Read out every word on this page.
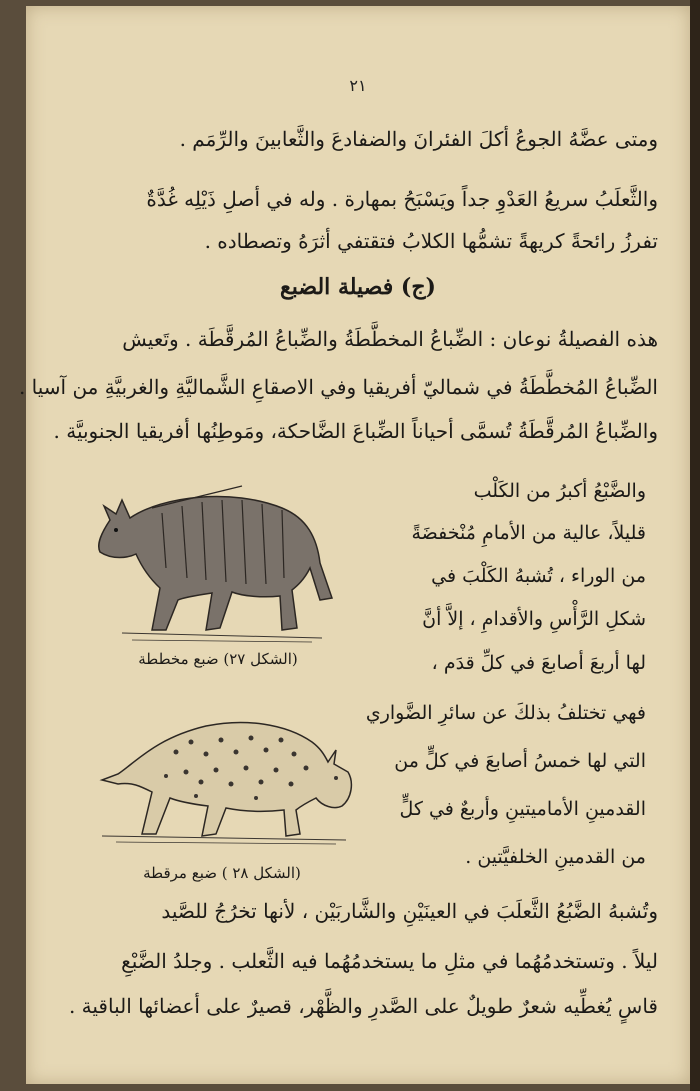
٢١
ومتى عضَّهُ الجوعُ أكلَ الفئرانَ والضفادعَ والثَّعابينَ والرِّمَم .
والثَّعلَبُ سريعُ العَدْوِ جداً ويَسْبَحُ بمهارة . وله في أصلِ ذَيْلِه غُدَّةٌ
تفرزُ رائحةً كريهةً تشمُّها الكلابُ فتقتفي أثرَهُ وتصطاده .
(ج) فصيلة الضبع
هذه الفصيلةُ نوعان : الضِّباعُ المخطَّطَةُ والضِّباعُ المُرقَّطَة . وتَعيش
الضِّباعُ المُخطَّطَةُ في شماليّ أفريقيا وفي الاصقاعِ الشَّماليَّةِ والغربيَّةِ من آسيا .
والضِّباعُ المُرقَّطَةُ تُسمَّى أحياناً الضِّباعَ الضَّاحكة، ومَوطِنُها أفريقيا الجنوبيَّة .
(الشكل ٢٧) ضبع مخططة
(الشكل ٢٨ ) ضبع مرقطة
والضَّبْعُ أكبرُ من الكَلْب
قليلاً، عالية من الأمامِ مُنْخفضَةً
من الوراء ، تُشبهُ الكَلْبَ في
شكلِ الرَّأْسِ والأقدامِ ، إلاَّ أنَّ
لها أربعَ أصابعَ في كلِّ قدَم ،
فهي تختلفُ بذلكَ عن سائرِ الضَّواري
التي لها خمسُ أصابعَ في كلٍّ من
القدمينِ الأماميتينِ وأربعٌ في كلٍّ
من القدمينِ الخلفيَّتين .
وتُشبهُ الضَّبُعُ الثَّعلَبَ في العينَيْنِ والشَّاربَيْن ، لأنها تخرُجُ للصَّيد
ليلاً . وتستخدمُهُما في مثلِ ما يستخدمُهُما فيه الثَّعلب . وجلدُ الضَّبْعِ
قاسٍ يُغطِّيه شعرٌ طويلٌ على الصَّدرِ والظَّهْر، قصيرٌ على أعضائها الباقية .
